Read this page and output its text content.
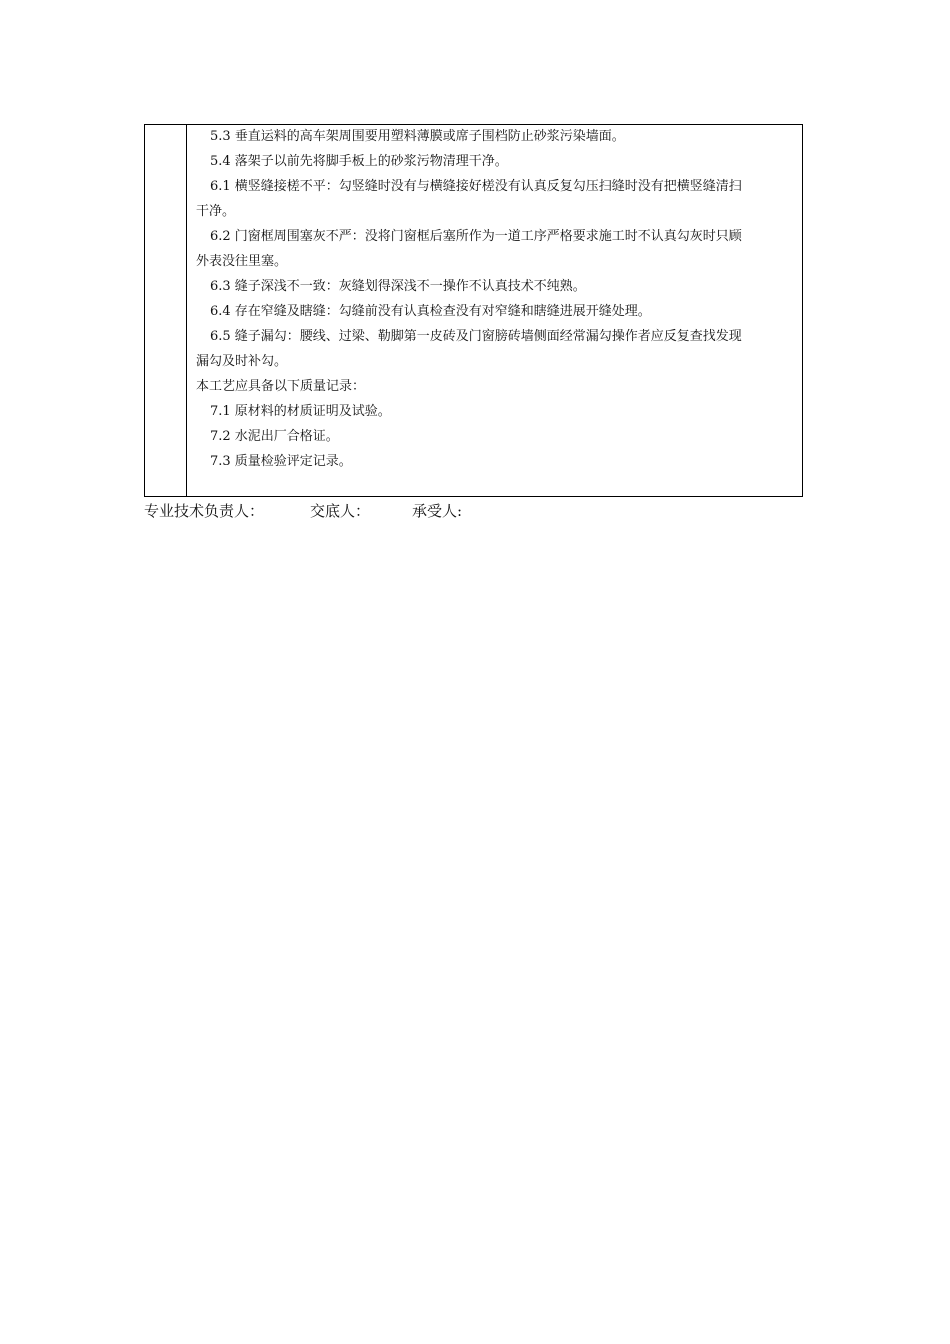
5.3 垂直运料的高车架周围要用塑料薄膜或席子围档防止砂浆污染墙面。

5.4 落架子以前先将脚手板上的砂浆污物清理干净。

6.1 横竖缝接槎不平：勾竖缝时没有与横缝接好槎没有认真反复勾压扫缝时没有把横竖缝清扫

干净。

6.2 门窗框周围塞灰不严：没将门窗框后塞所作为一道工序严格要求施工时不认真勾灰时只顾

外表没往里塞。

6.3 缝子深浅不一致：灰缝划得深浅不一操作不认真技术不纯熟。

6.4 存在窄缝及瞎缝：勾缝前没有认真检查没有对窄缝和瞎缝进展开缝处理。

6.5 缝子漏勾：腰线、过梁、勒脚第一皮砖及门窗膀砖墙侧面经常漏勾操作者应反复查找发现

漏勾及时补勾。

本工艺应具备以下质量记录：

7.1 原材料的材质证明及试验。

7.2 水泥出厂合格证。

7.3 质量检验评定记录。

专业技术负责人：	交底人：	承受人:
